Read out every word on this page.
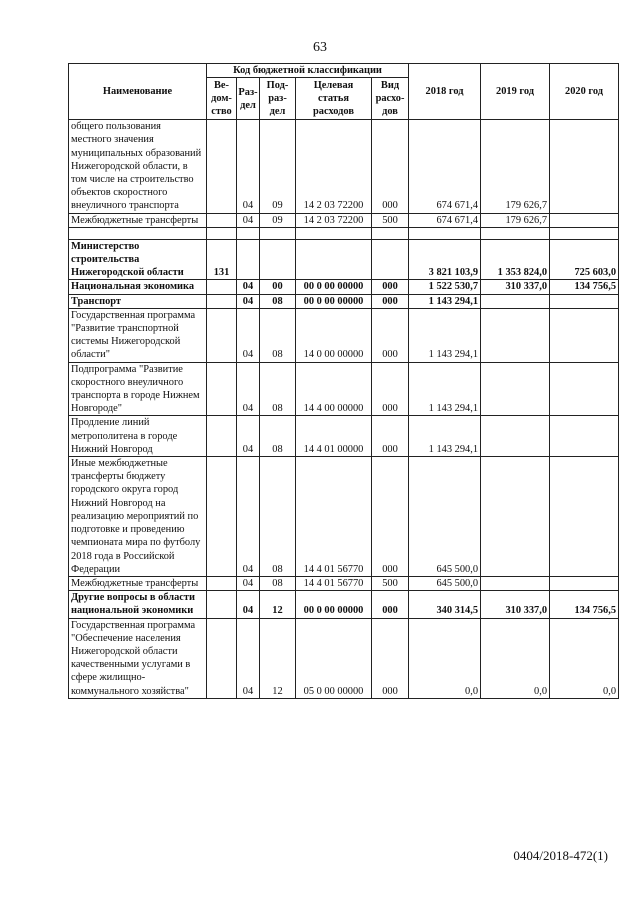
63
Наименование	Код бюджетной классификации					2018 год	2019 год	2020 год
	Ве-дом-ство	Раз-дел	Под-раз-дел	Целевая статья расходов	Вид расхо-дов			
общего пользования местного значения муниципальных образований Нижегородской области, в том числе на строительство объектов скоростного внеуличного транспорта		04	09	14 2 03 72200	000	674 671,4	179 626,7	
Межбюджетные трансферты		04	09	14 2 03 72200	500	674 671,4	179 626,7	

Министерство строительства Нижегородской области	131					3 821 103,9	1 353 824,0	725 603,0
Национальная экономика		04	00	00 0 00 00000	000	1 522 530,7	310 337,0	134 756,5
Транспорт		04	08	00 0 00 00000	000	1 143 294,1		
Государственная программа "Развитие транспортной системы Нижегородской области"		04	08	14 0 00 00000	000	1 143 294,1		
Подпрограмма "Развитие скоростного внеуличного транспорта в городе Нижнем Новгороде"		04	08	14 4 00 00000	000	1 143 294,1		
Продление линий метрополитена в городе Нижний Новгород		04	08	14 4 01 00000	000	1 143 294,1		
Иные межбюджетные трансферты бюджету городского округа город Нижний Новгород на реализацию мероприятий по подготовке и проведению чемпионата мира по футболу 2018 года в Российской Федерации		04	08	14 4 01 56770	000	645 500,0		
Межбюджетные трансферты		04	08	14 4 01 56770	500	645 500,0		
Другие вопросы в области национальной экономики		04	12	00 0 00 00000	000	340 314,5	310 337,0	134 756,5
Государственная программа "Обеспечение населения Нижегородской области качественными услугами в сфере жилищно-коммунального хозяйства"		04	12	05 0 00 00000	000	0,0	0,0	0,0
0404/2018-472(1)
